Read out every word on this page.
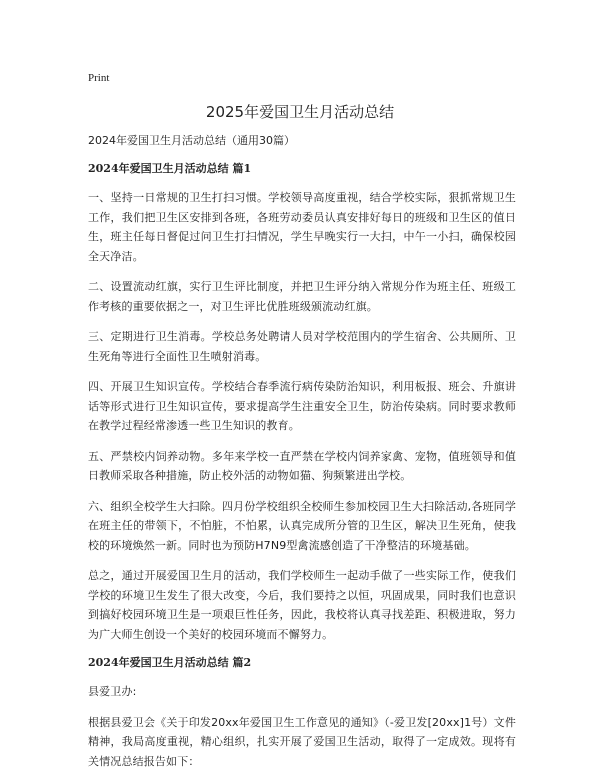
Print
2025年爱国卫生月活动总结

2024年爱国卫生月活动总结（通用30篇）

2024年爱国卫生月活动总结 篇1

一、坚持一日常规的卫生打扫习惯。学校领导高度重视，结合学校实际，狠抓常规卫生工作，我们把卫生区安排到各班，各班劳动委员认真安排好每日的班级和卫生区的值日生，班主任每日督促过问卫生打扫情况，学生早晚实行一大扫，中午一小扫，确保校园全天净洁。

二、设置流动红旗，实行卫生评比制度，并把卫生评分纳入常规分作为班主任、班级工作考核的重要依据之一，对卫生评比优胜班级颁流动红旗。

三、定期进行卫生消毒。学校总务处聘请人员对学校范围内的学生宿舍、公共厕所、卫生死角等进行全面性卫生喷射消毒。

四、开展卫生知识宣传。学校结合春季流行病传染防治知识，利用板报、班会、升旗讲话等形式进行卫生知识宣传，要求提高学生注重安全卫生，防治传染病。同时要求教师在教学过程经常渗透一些卫生知识的教育。

五、严禁校内饲养动物。多年来学校一直严禁在学校内饲养家禽、宠物，值班领导和值日教师采取各种措施，防止校外活的动物如猫、狗频繁进出学校。

六、组织全校学生大扫除。四月份学校组织全校师生参加校园卫生大扫除活动,各班同学在班主任的带领下，不怕脏，不怕累，认真完成所分管的卫生区，解决卫生死角，使我校的环境焕然一新。同时也为预防H7N9型禽流感创造了干净整洁的环境基础。

总之，通过开展爱国卫生月的活动，我们学校师生一起动手做了一些实际工作，使我们学校的环境卫生发生了很大改变，今后，我们要持之以恒，巩固成果，同时我们也意识到搞好校园环境卫生是一项艰巨性任务，因此，我校将认真寻找差距、积极进取，努力为广大师生创设一个美好的校园环境而不懈努力。

2024年爱国卫生月活动总结 篇2

县爱卫办:

根据县爱卫会《关于印发20xx年爱国卫生工作意见的通知》（-爱卫发[20xx]1号）文件精神，我局高度重视，精心组织，扎实开展了爱国卫生活动，取得了一定成效。现将有关情况总结报告如下：
